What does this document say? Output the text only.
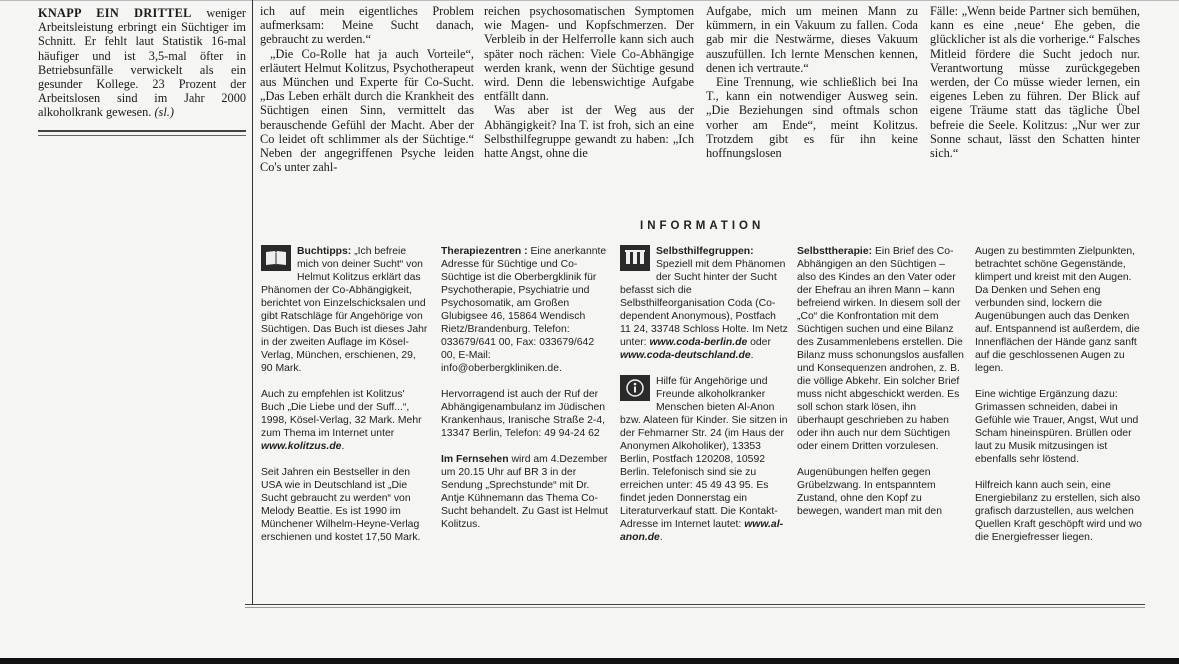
KNAPP EIN DRITTEL weniger Arbeitsleistung erbringt ein Süchtiger im Schnitt. Er fehlt laut Statistik 16-mal häufiger und ist 3,5-mal öfter in Betriebsunfälle verwickelt als ein gesunder Kollege. 23 Prozent der Arbeitslosen sind im Jahr 2000 alkoholkrank gewesen. (sl.)

ich auf mein eigentliches Problem aufmerksam: Meine Sucht danach, gebraucht zu werden.“

„Die Co-Rolle hat ja auch Vorteile“, erläutert Helmut Kolitzus, Psychotherapeut aus München und Experte für Co-Sucht. „Das Leben erhält durch die Krankheit des Süchtigen einen Sinn, vermittelt das berauschende Gefühl der Macht. Aber der Co leidet oft schlimmer als der Süchtige.“ Neben der angegriffenen Psyche leiden Co's unter zahl-

reichen psychosomatischen Symptomen wie Magen- und Kopfschmerzen. Der Verbleib in der Helferrolle kann sich auch später noch rächen: Viele Co-Abhängige werden krank, wenn der Süchtige gesund wird. Denn die lebenswichtige Aufgabe entfällt dann.

Was aber ist der Weg aus der Abhängigkeit? Ina T. ist froh, sich an eine Selbsthilfegruppe gewandt zu haben: „Ich hatte Angst, ohne die

Aufgabe, mich um meinen Mann zu kümmern, in ein Vakuum zu fallen. Coda gab mir die Nestwärme, dieses Vakuum auszufüllen. Ich lernte Menschen kennen, denen ich vertraute.“

Eine Trennung, wie schließlich bei Ina T., kann ein notwendiger Ausweg sein. „Die Beziehungen sind oftmals schon vorher am Ende“, meint Kolitzus. Trotzdem gibt es für ihn keine hoffnungslosen

Fälle: „Wenn beide Partner sich bemühen, kann es eine ‚neue‘ Ehe geben, die glücklicher ist als die vorherige.“ Falsches Mitleid fördere die Sucht jedoch nur. Verantwortung müsse zurückgegeben werden, der Co müsse wieder lernen, ein eigenes Leben zu führen. Der Blick auf eigene Träume statt das tägliche Übel befreie die Seele. Kolitzus: „Nur wer zur Sonne schaut, lässt den Schatten hinter sich.“

INFORMATION

Buchtipps: „Ich befreie mich von deiner Sucht“ von Helmut Kolitzus erklärt das Phänomen der Co-Abhängigkeit, berichtet von Einzelschicksalen und gibt Ratschläge für Angehörige von Süchtigen. Das Buch ist dieses Jahr in der zweiten Auflage im Kösel-Verlag, München, erschienen, 29, 90 Mark.

Auch zu empfehlen ist Kolitzus' Buch „Die Liebe und der Suff...“, 1998, Kösel-Verlag, 32 Mark. Mehr zum Thema im Internet unter www.kolitzus.de.

Seit Jahren ein Bestseller in den USA wie in Deutschland ist „Die Sucht gebraucht zu werden“ von Melody Beattie. Es ist 1990 im Münchener Wilhelm-Heyne-Verlag erschienen und kostet 17,50 Mark.

Therapiezentren : Eine anerkannte Adresse für Süchtige und Co-Süchtige ist die Oberbergklinik für Psychotherapie, Psychiatrie und Psychosomatik, am Großen Glubigsee 46, 15864 Wendisch Rietz/Brandenburg. Telefon: 033679/641 00, Fax: 033679/642 00, E-Mail: info@oberbergkliniken.de.

Hervorragend ist auch der Ruf der Abhängigenambulanz im Jüdischen Krankenhaus, Iranische Straße 2-4, 13347 Berlin, Telefon: 49 94-24 62

Im Fernsehen wird am 4.Dezember um 20.15 Uhr auf BR 3 in der Sendung „Sprechstunde“ mit Dr. Antje Kühnemann das Thema Co-Sucht behandelt. Zu Gast ist Helmut Kolitzus.

Selbsthilfegruppen: Speziell mit dem Phänomen der Sucht hinter der Sucht befasst sich die Selbsthilfeorganisation Coda (Co-dependent Anonymous), Postfach 11 24, 33748 Schloss Holte. Im Netz unter: www.coda-berlin.de oder www.coda-deutschland.de.

Hilfe für Angehörige und Freunde alkoholkranker Menschen bieten Al-Anon bzw. Alateen für Kinder. Sie sitzen in der Fehmarner Str. 24 (im Haus der Anonymen Alkoholiker), 13353 Berlin, Postfach 120208, 10592 Berlin. Telefonisch sind sie zu erreichen unter: 45 49 43 95. Es findet jeden Donnerstag ein Literaturverkauf statt. Die Kontakt-Adresse im Internet lautet: www.al-anon.de.

Selbsttherapie: Ein Brief des Co-Abhängigen an den Süchtigen – also des Kindes an den Vater oder der Ehefrau an ihren Mann – kann befreiend wirken. In diesem soll der „Co“ die Konfrontation mit dem Süchtigen suchen und eine Bilanz des Zusammenlebens erstellen. Die Bilanz muss schonungslos ausfallen und Konsequenzen androhen, z. B. die völlige Abkehr. Ein solcher Brief muss nicht abgeschickt werden. Es soll schon stark lösen, ihn überhaupt geschrieben zu haben oder ihn auch nur dem Süchtigen oder einem Dritten vorzulesen.

Augenübungen helfen gegen Grübelzwang. In entspanntem Zustand, ohne den Kopf zu bewegen, wandert man mit den

Augen zu bestimmten Zielpunkten, betrachtet schöne Gegenstände, klimpert und kreist mit den Augen. Da Denken und Sehen eng verbunden sind, lockern die Augenübungen auch das Denken auf. Entspannend ist außerdem, die Innenflächen der Hände ganz sanft auf die geschlossenen Augen zu legen.

Eine wichtige Ergänzung dazu: Grimassen schneiden, dabei in Gefühle wie Trauer, Angst, Wut und Scham hineinspüren. Brüllen oder laut zu Musik mitzusingen ist ebenfalls sehr löstend.

Hilfreich kann auch sein, eine Energiebilanz zu erstellen, sich also grafisch darzustellen, aus welchen Quellen Kraft geschöpft wird und wo die Energiefresser liegen.
